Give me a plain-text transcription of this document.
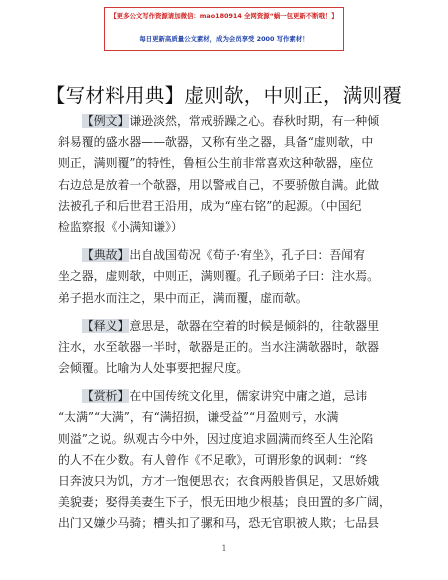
【更多公文写作资源请加微信：mao180914 全网资源“蜗一包更新不断哦！】
每日更新高质量公文素材，成为会员享受 2000 写作素材！
【写材料用典】虚则欹，中则正，满则覆
【例文】谦逊淡然，常戒骄躁之心。春秋时期，有一种倾
斜易覆的盛水器——欹器，又称有坐之器，具备“虚则欹，中
则正，满则覆”的特性，鲁桓公生前非常喜欢这种欹器，座位
右边总是放着一个欹器，用以警戒自己，不要骄傲自满。此做
法被孔子和后世君王沿用，成为“座右铭”的起源。（中国纪
检监察报《小满知谦》）
【典故】出自战国荀况《荀子·宥坐》，孔子曰：吾闻宥
坐之器，虚则欹，中则正，满则覆。孔子顾弟子曰：注水焉。
弟子挹水而注之，果中而正，满而覆，虚而欹。
【释义】意思是，欹器在空着的时候是倾斜的，往欹器里
注水，水至欹器一半时，欹器是正的。当水注满欹器时，欹器
会倾覆。比喻为人处事要把握尺度。
【赏析】在中国传统文化里，儒家讲究中庸之道，忌讳
“太满”“大满”，有“满招损，谦受益”“月盈则亏，水满
则溢”之说。纵观古今中外，因过度追求圆满而终至人生沦陷
的人不在少数。有人曾作《不足歌》，可谓形象的讽刺：“终
日奔波只为饥，方才一饱便思衣；衣食两般皆俱足，又思娇娥
美貌妻；娶得美妻生下子，恨无田地少根基；良田置的多广阔，
出门又嫌少马骑；槽头扣了骡和马，恐无官职被人欺；七品县
1
